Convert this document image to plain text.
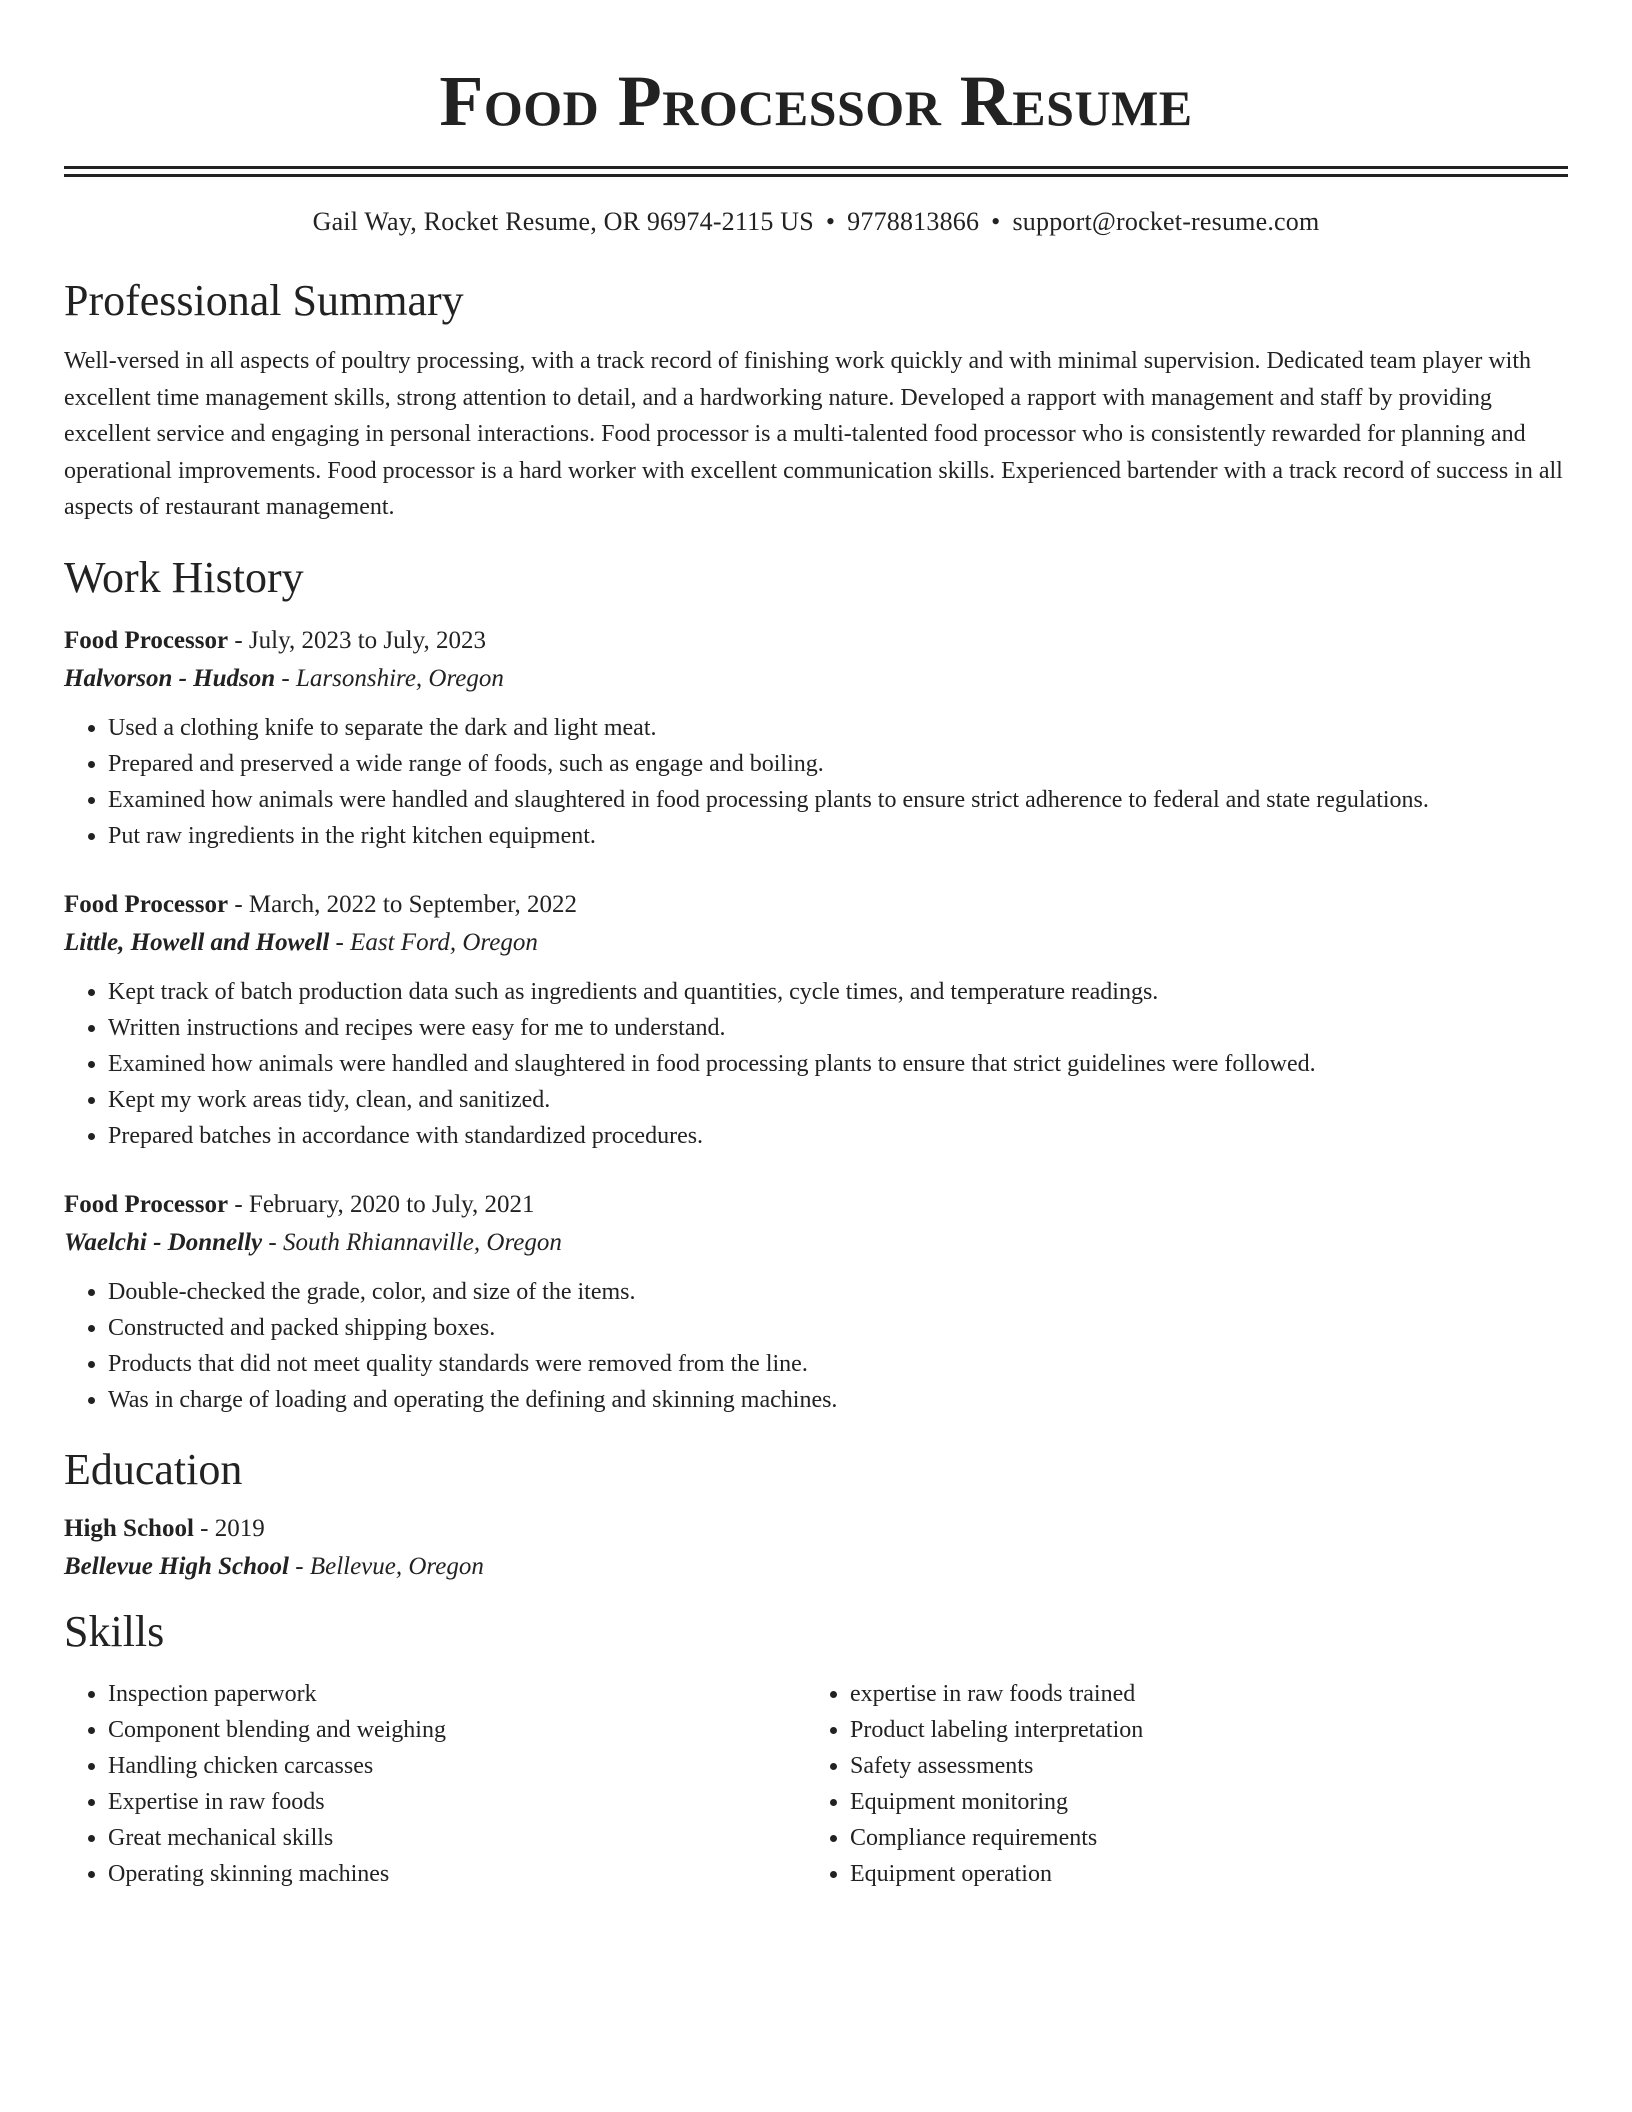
Food Processor Resume
Gail Way, Rocket Resume, OR 96974-2115 US • 9778813866 • support@rocket-resume.com
Professional Summary

Well-versed in all aspects of poultry processing, with a track record of finishing work quickly and with minimal supervision. Dedicated team player with excellent time management skills, strong attention to detail, and a hardworking nature. Developed a rapport with management and staff by providing excellent service and engaging in personal interactions. Food processor is a multi-talented food processor who is consistently rewarded for planning and operational improvements. Food processor is a hard worker with excellent communication skills. Experienced bartender with a track record of success in all aspects of restaurant management.

Work History
Food Processor - July, 2023 to July, 2023
Halvorson - Hudson - Larsonshire, Oregon
• Used a clothing knife to separate the dark and light meat.
• Prepared and preserved a wide range of foods, such as engage and boiling.
• Examined how animals were handled and slaughtered in food processing plants to ensure strict adherence to federal and state regulations.
• Put raw ingredients in the right kitchen equipment.
Food Processor - March, 2022 to September, 2022
Little, Howell and Howell - East Ford, Oregon
• Kept track of batch production data such as ingredients and quantities, cycle times, and temperature readings.
• Written instructions and recipes were easy for me to understand.
• Examined how animals were handled and slaughtered in food processing plants to ensure that strict guidelines were followed.
• Kept my work areas tidy, clean, and sanitized.
• Prepared batches in accordance with standardized procedures.
Food Processor - February, 2020 to July, 2021
Waelchi - Donnelly - South Rhiannaville, Oregon
• Double-checked the grade, color, and size of the items.
• Constructed and packed shipping boxes.
• Products that did not meet quality standards were removed from the line.
• Was in charge of loading and operating the defining and skinning machines.
Education
High School - 2019
Bellevue High School - Bellevue, Oregon
Skills
• Inspection paperwork
• Component blending and weighing
• Handling chicken carcasses
• Expertise in raw foods
• Great mechanical skills
• Operating skinning machines
• expertise in raw foods trained
• Product labeling interpretation
• Safety assessments
• Equipment monitoring
• Compliance requirements
• Equipment operation
